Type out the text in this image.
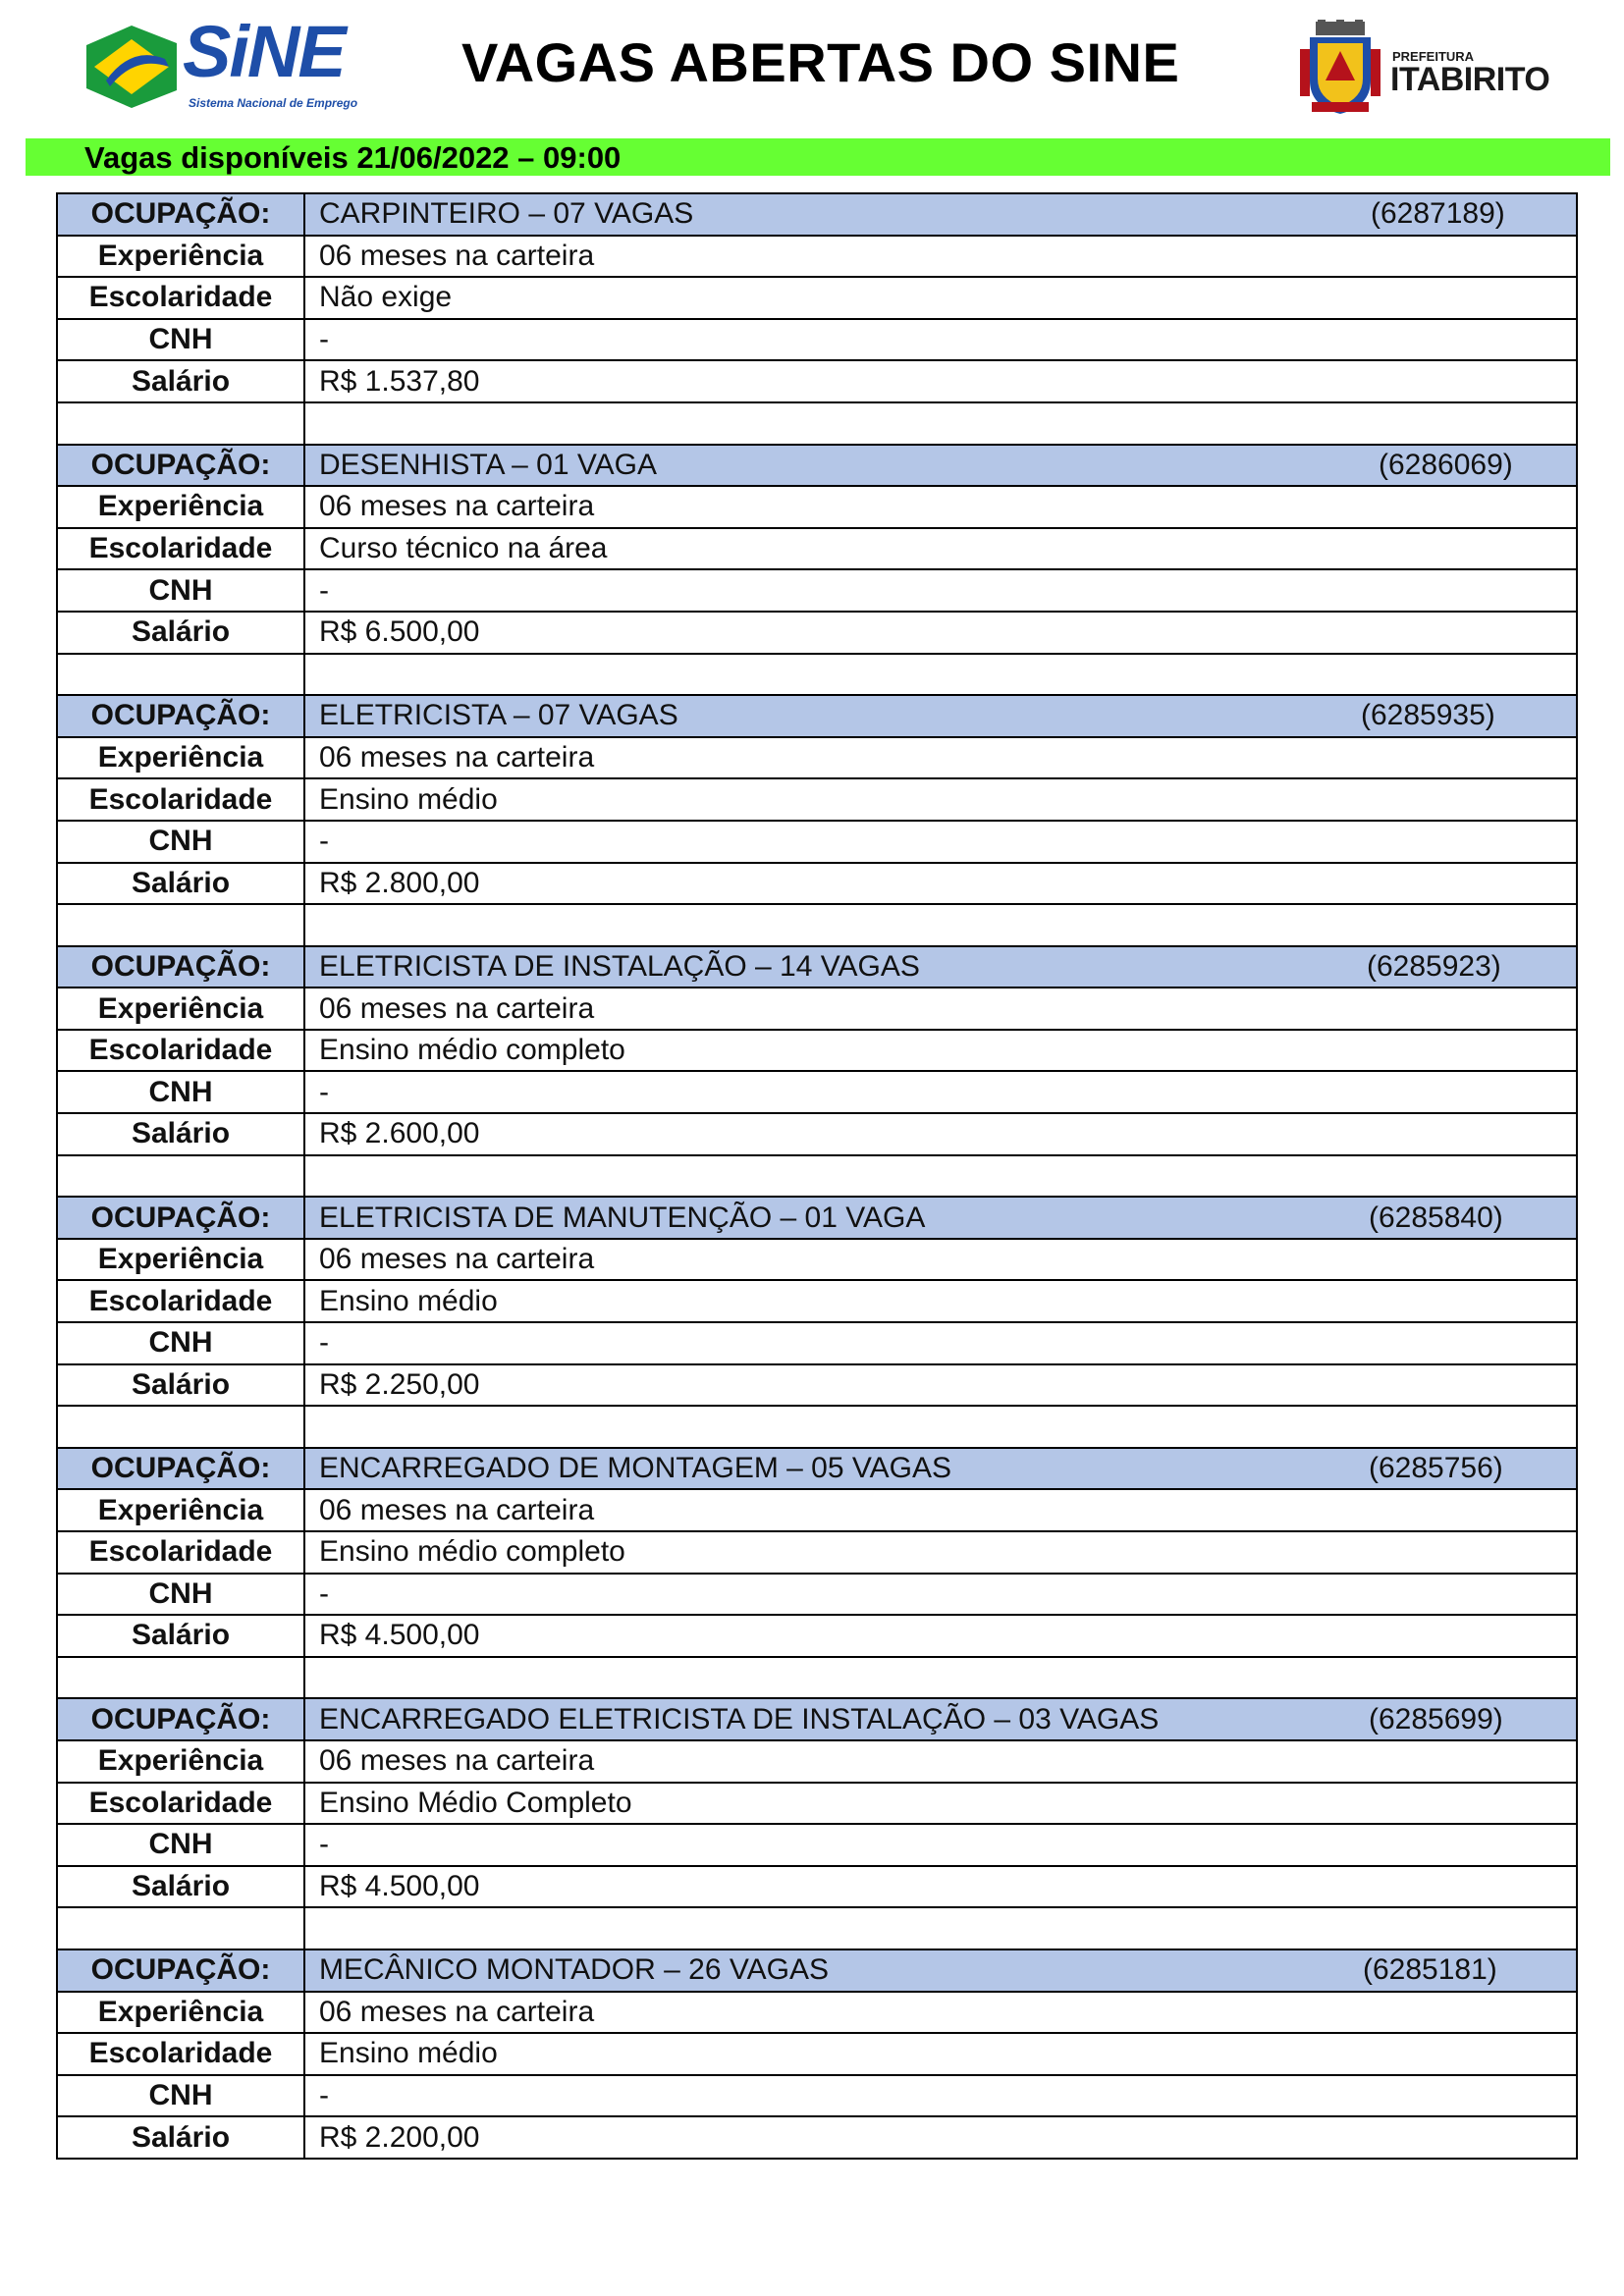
SiNE
Sistema Nacional de Emprego
VAGAS ABERTAS DO SINE	PREFEITURA
ITABIRITO
Vagas disponíveis 21/06/2022 – 09:00
OCUPAÇÃO:	CARPINTEIRO – 07 VAGAS (6287189)

Experiência	06 meses na carteira
Escolaridade	Não exige
CNH	-
Salário	R$ 1.537,80

OCUPAÇÃO:	DESENHISTA – 01 VAGA (6286069)

Experiência	06 meses na carteira
Escolaridade	Curso técnico na área
CNH	-
Salário	R$ 6.500,00

OCUPAÇÃO:	ELETRICISTA – 07 VAGAS (6285935)

Experiência	06 meses na carteira
Escolaridade	Ensino médio
CNH	-
Salário	R$ 2.800,00

OCUPAÇÃO:	ELETRICISTA DE INSTALAÇÃO – 14 VAGAS (6285923)

Experiência	06 meses na carteira
Escolaridade	Ensino médio completo
CNH	-
Salário	R$ 2.600,00

OCUPAÇÃO:	ELETRICISTA DE MANUTENÇÃO – 01 VAGA (6285840)

Experiência	06 meses na carteira
Escolaridade	Ensino médio
CNH	-
Salário	R$ 2.250,00

OCUPAÇÃO:	ENCARREGADO DE MONTAGEM – 05 VAGAS (6285756)

Experiência	06 meses na carteira
Escolaridade	Ensino médio completo
CNH	-
Salário	R$ 4.500,00

OCUPAÇÃO:	ENCARREGADO ELETRICISTA DE INSTALAÇÃO – 03 VAGAS (6285699)

Experiência	06 meses na carteira
Escolaridade	Ensino Médio Completo
CNH	-
Salário	R$ 4.500,00

OCUPAÇÃO:	MECÂNICO MONTADOR – 26 VAGAS (6285181)

Experiência	06 meses na carteira
Escolaridade	Ensino médio
CNH	-
Salário	R$ 2.200,00
